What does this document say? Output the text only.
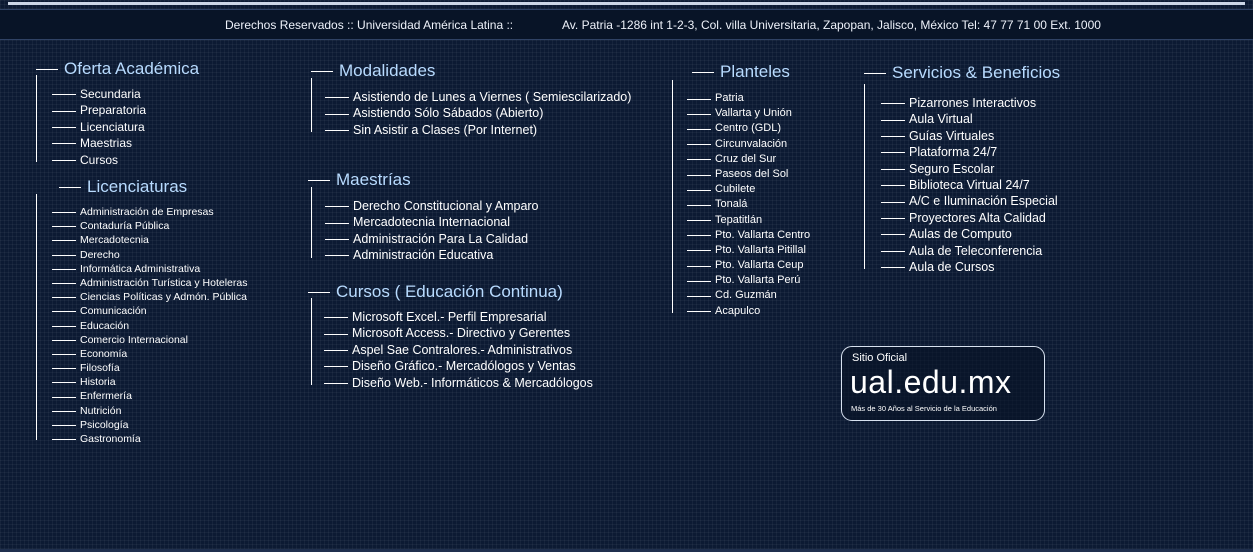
Derechos Reservados :: Universidad América Latina ::	Av. Patria -1286 int 1-2-3, Col. villa Universitaria, Zapopan, Jalisco, México Tel: 47 77 71 00 Ext. 1000
Oferta Académica
Secundaria
Preparatoria
Licenciatura
Maestrias
Cursos
Licenciaturas
Administración de Empresas
Contaduría Pública
Mercadotecnia
Derecho
Informática Administrativa
Administración Turística y Hoteleras
Ciencias Políticas y Admón. Pública
Comunicación
Educación
Comercio Internacional
Economía
Filosofía
Historia
Enfermería
Nutrición
Psicología
Gastronomía
Modalidades
Asistiendo de Lunes a Viernes ( Semiescilarizado)
Asistiendo Sólo Sábados (Abierto)
Sin Asistir a Clases (Por Internet)
Maestrías
Derecho Constitucional y Amparo
Mercadotecnia Internacional
Administración Para La Calidad
Administración Educativa
Cursos ( Educación Continua)
Microsoft Excel.- Perfil Empresarial
Microsoft Access.- Directivo y Gerentes
Aspel Sae Contralores.- Administrativos
Diseño Gráfico.- Mercadólogos y Ventas
Diseño Web.- Informáticos & Mercadólogos
Planteles
Patria
Vallarta y Unión
Centro (GDL)
Circunvalación
Cruz del Sur
Paseos del Sol
Cubilete
Tonalá
Tepatitlán
Pto. Vallarta Centro
Pto. Vallarta Pitillal
Pto. Vallarta Ceup
Pto. Vallarta Perú
Cd. Guzmán
Acapulco
Servicios & Beneficios
Pizarrones Interactivos
Aula Virtual
Guías Virtuales
Plataforma 24/7
Seguro Escolar
Biblioteca Virtual 24/7
A/C e Iluminación Especial
Proyectores Alta Calidad
Aulas de Computo
Aula de Teleconferencia
Aula de Cursos
Sitio Oficial
ual.edu.mx
Más de 30 Años al Servicio de la Educación
